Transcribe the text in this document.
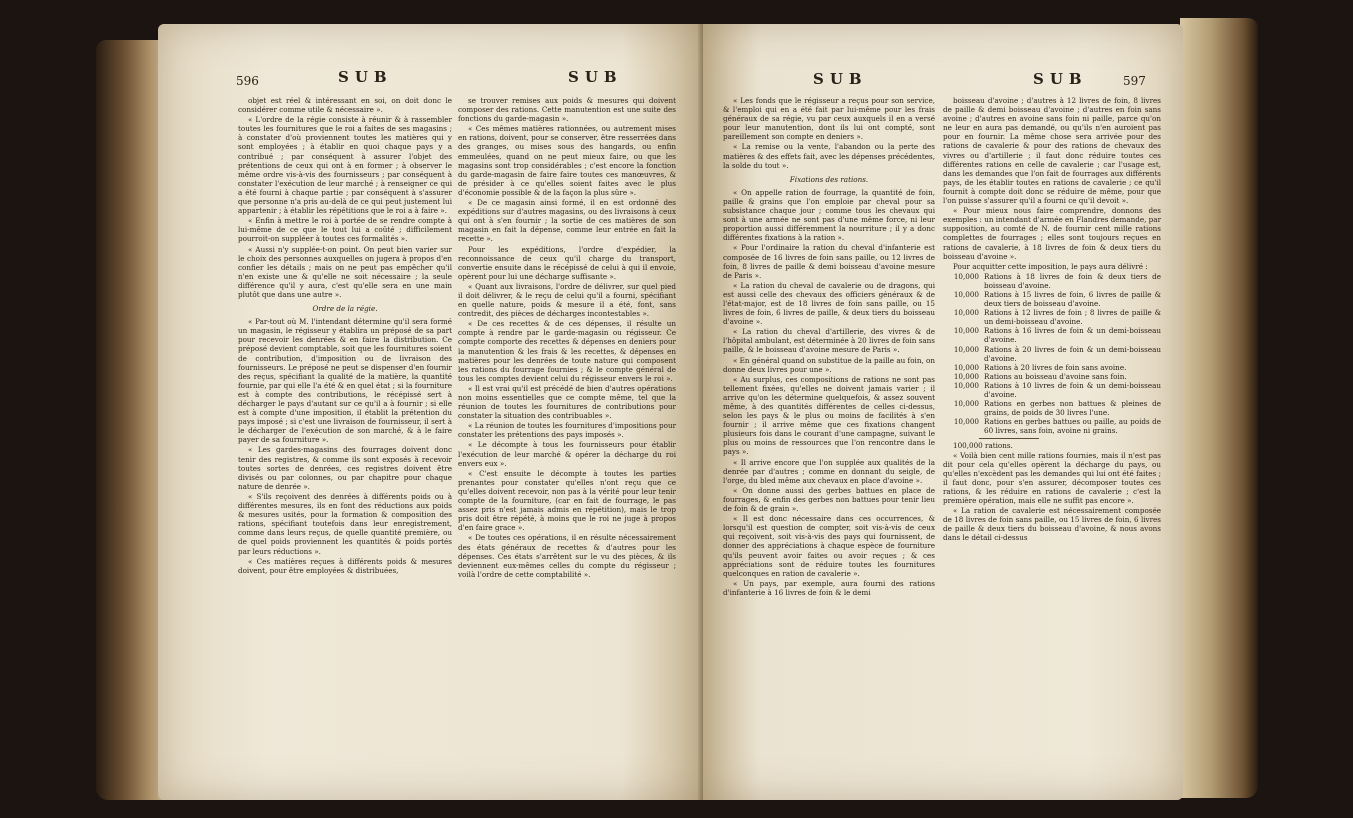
596	SUB	SUB

objet est réel & intéressant en soi, on doit donc le considérer comme utile & nécessaire ».

« L'ordre de la régie consiste à réunir & à rassembler toutes les fournitures que le roi a faites de ses magasins ; à constater d'où proviennent toutes les matières qui y sont employées ; à établir en quoi chaque pays y a contribué ; par conséquent à assurer l'objet des prétentions de ceux qui ont à en former ; à observer le même ordre vis-à-vis des fournisseurs ; par conséquent à constater l'exécution de leur marché ; à renseigner ce qui a été fourni à chaque partie ; par conséquent à s'assurer que personne n'a pris au-delà de ce qui peut justement lui appartenir ; à établir les répétitions que le roi a à faire ».

« Enfin à mettre le roi à portée de se rendre compte à lui-même de ce que le tout lui a coûté ; difficilement pourroit-on suppléer à toutes ces formalités ».

« Aussi n'y supplée-t-on point. On peut bien varier sur le choix des personnes auxquelles on jugera à propos d'en confier les détails ; mais on ne peut pas empêcher qu'il n'en existe une & qu'elle ne soit nécessaire ; la seule différence qu'il y aura, c'est qu'elle sera en une main plutôt que dans une autre ».

Ordre de la régie.

« Par-tout où M. l'intendant détermine qu'il sera formé un magasin, le régisseur y établira un préposé de sa part pour recevoir les denrées & en faire la distribution. Ce préposé devient comptable, soit que les fournitures soient de contribution, d'imposition ou de livraison des fournisseurs. Le préposé ne peut se dispenser d'en fournir des reçus, spécifiant la qualité de la matière, la quantité fournie, par qui elle l'a été & en quel état ; si la fourniture est à compte des contributions, le récépissé sert à décharger le pays d'autant sur ce qu'il a à fournir ; si elle est à compte d'une imposition, il établit la prétention du pays imposé ; si c'est une livraison de fournisseur, il sert à le décharger de l'exécution de son marché, & à le faire payer de sa fourniture ».

« Les gardes-magasins des fourrages doivent donc tenir des registres, & comme ils sont exposés à recevoir toutes sortes de denrées, ces registres doivent être divisés ou par colonnes, ou par chapitre pour chaque nature de denrée ».

« S'ils reçoivent des denrées à différents poids ou à différentes mesures, ils en font des réductions aux poids & mesures usités, pour la formation & composition des rations, spécifiant toutefois dans leur enregistrement, comme dans leurs reçus, de quelle quantité première, ou de quel poids proviennent les quantités & poids portés par leurs réductions ».

« Ces matières reçues à différents poids & mesures doivent, pour être employées & distribuées,

se trouver remises aux poids & mesures qui doivent composer des rations. Cette manutention est une suite des fonctions du garde-magasin ».

« Ces mêmes matières rationnées, ou autrement mises en rations, doivent, pour se conserver, être resserrées dans des granges, ou mises sous des hangards, ou enfin emmeulées, quand on ne peut mieux faire, ou que les magasins sont trop considérables ; c'est encore la fonction du garde-magasin de faire faire toutes ces manœuvres, & de présider à ce qu'elles soient faites avec le plus d'économie possible & de la façon la plus sûre ».

« De ce magasin ainsi formé, il en est ordonné des expéditions sur d'autres magasins, ou des livraisons à ceux qui ont à s'en fournir ; la sortie de ces matières de son magasin en fait la dépense, comme leur entrée en fait la recette ».

Pour les expéditions, l'ordre d'expédier, la reconnoissance de ceux qu'il charge du transport, convertie ensuite dans le récépissé de celui à qui il envoie, opèrent pour lui une décharge suffisante ».

« Quant aux livraisons, l'ordre de délivrer, sur quel pied il doit délivrer, & le reçu de celui qu'il a fourni, spécifiant en quelle nature, poids & mesure il a été, font, sans contredit, des pièces de décharges incontestables ».

« De ces recettes & de ces dépenses, il résulte un compte à rendre par le garde-magasin ou régisseur. Ce compte comporte des recettes & dépenses en deniers pour la manutention & les frais & les recettes, & dépenses en matières pour les denrées de toute nature qui composent les rations du fourrage fournies ; & le compte général de tous les comptes devient celui du régisseur envers le roi ».

« Il est vrai qu'il est précédé de bien d'autres opérations non moins essentielles que ce compte même, tel que la réunion de toutes les fournitures de contributions pour constater la situation des contribuables ».

« La réunion de toutes les fournitures d'impositions pour constater les prétentions des pays imposés ».

« Le décompte à tous les fournisseurs pour établir l'exécution de leur marché & opérer la décharge du roi envers eux ».

« C'est ensuite le décompte à toutes les parties prenantes pour constater qu'elles n'ont reçu que ce qu'elles doivent recevoir, non pas à la vérité pour leur tenir compte de la fourniture, (car en fait de fourrage, le pas assez pris n'est jamais admis en répétition), mais le trop pris doit être répété, à moins que le roi ne juge à propos d'en faire grace ».

« De toutes ces opérations, il en résulte nécessairement des états généraux de recettes & d'autres pour les dépenses. Ces états s'arrêtent sur le vu des pièces, & ils deviennent eux-mêmes celles du compte du régisseur ; voilà l'ordre de cette comptabilité ».

SUB	SUB	597

« Les fonds que le régisseur a reçus pour son service, & l'emploi qui en a été fait par lui-même pour les frais généraux de sa régie, vu par ceux auxquels il en a versé pour leur manutention, dont ils lui ont compté, sont pareillement son compte en deniers ».

« La remise ou la vente, l'abandon ou la perte des matières & des effets fait, avec les dépenses précédentes, la solde du tout ».

Fixations des rations.

« On appelle ration de fourrage, la quantité de foin, paille & grains que l'on emploie par cheval pour sa subsistance chaque jour ; comme tous les chevaux qui sont à une armée ne sont pas d'une même force, ni leur proportion aussi différemment la nourriture ; il y a donc différentes fixations à la ration ».

« Pour l'ordinaire la ration du cheval d'infanterie est composée de 16 livres de foin sans paille, ou 12 livres de foin, 8 livres de paille & demi boisseau d'avoine mesure de Paris ».

« La ration du cheval de cavalerie ou de dragons, qui est aussi celle des chevaux des officiers généraux & de l'état-major, est de 18 livres de foin sans paille, ou 15 livres de foin, 6 livres de paille, & deux tiers du boisseau d'avoine ».

« La ration du cheval d'artillerie, des vivres & de l'hôpital ambulant, est déterminée à 20 livres de foin sans paille, & le boisseau d'avoine mesure de Paris ».

« En général quand on substitue de la paille au foin, on donne deux livres pour une ».

« Au surplus, ces compositions de rations ne sont pas tellement fixées, qu'elles ne doivent jamais varier ; il arrive qu'on les détermine quelquefois, & assez souvent même, à des quantités différentes de celles ci-dessus, selon les pays & le plus ou moins de facilités à s'en fournir ; il arrive même que ces fixations changent plusieurs fois dans le courant d'une campagne, suivant le plus ou moins de ressources que l'on rencontre dans le pays ».

« Il arrive encore que l'on supplée aux qualités de la denrée par d'autres ; comme en donnant du seigle, de l'orge, du bled même aux chevaux en place d'avoine ».

« On donne aussi des gerbes battues en place de fourrages, & enfin des gerbes non battues pour tenir lieu de foin & de grain ».

« Il est donc nécessaire dans ces occurrences, & lorsqu'il est question de compter, soit vis-à-vis de ceux qui reçoivent, soit vis-à-vis des pays qui fournissent, de donner des appréciations à chaque espèce de fourniture qu'ils peuvent avoir faites ou avoir reçues ; & ces appréciations sont de réduire toutes les fournitures quelconques en ration de cavalerie ».

« Un pays, par exemple, aura fourni des rations d'infanterie à 16 livres de foin & le demi

boisseau d'avoine ; d'autres à 12 livres de foin, 8 livres de paille & demi boisseau d'avoine ; d'autres en foin sans avoine ; d'autres en avoine sans foin ni paille, parce qu'on ne leur en aura pas demandé, ou qu'ils n'en auroient pas pour en fournir. La même chose sera arrivée pour des rations de cavalerie & pour des rations de chevaux des vivres ou d'artillerie ; il faut donc réduire toutes ces différentes rations en celle de cavalerie ; car l'usage est, dans les demandes que l'on fait de fourrages aux différents pays, de les établir toutes en rations de cavalerie ; ce qu'il fournit à compte doit donc se réduire de même, pour que l'on puisse s'assurer qu'il a fourni ce qu'il devoit ».

« Pour mieux nous faire comprendre, donnons des exemples : un intendant d'armée en Flandres demande, par supposition, au comté de N. de fournir cent mille rations complettes de fourrages ; elles sont toujours reçues en rations de cavalerie, à 18 livres de foin & deux tiers du boisseau d'avoine ».

Pour acquitter cette imposition, le pays aura délivré :

10,000 Rations à 18 livres de foin & deux tiers de boisseau d'avoine.
10,000 Rations à 15 livres de foin, 6 livres de paille & deux tiers de boisseau d'avoine.
10,000 Rations à 12 livres de foin ; 8 livres de paille & un demi-boisseau d'avoine.
10,000 Rations à 16 livres de foin & un demi-boisseau d'avoine.
10,000 Rations à 20 livres de foin & un demi-boisseau d'avoine.
10,000 Rations à 20 livres de foin sans avoine.
10,000 Rations au boisseau d'avoine sans foin.
10,000 Rations à 10 livres de foin & un demi-boisseau d'avoine.
10,000 Rations en gerbes non battues & pleines de grains, de poids de 30 livres l'une.
10,000 Rations en gerbes battues ou paille, au poids de 60 livres, sans foin, avoine ni grains.
100,000 rations.

« Voilà bien cent mille rations fournies, mais il n'est pas dit pour cela qu'elles opèrent la décharge du pays, ou qu'elles n'excèdent pas les demandes qui lui ont été faites ; il faut donc, pour s'en assurer, décomposer toutes ces rations, & les réduire en rations de cavalerie ; c'est la première opération, mais elle ne suffit pas encore ».

« La ration de cavalerie est nécessairement composée de 18 livres de foin sans paille, ou 15 livres de foin, 6 livres de paille & deux tiers du boisseau d'avoine, & nous avons dans le détail ci-dessus
